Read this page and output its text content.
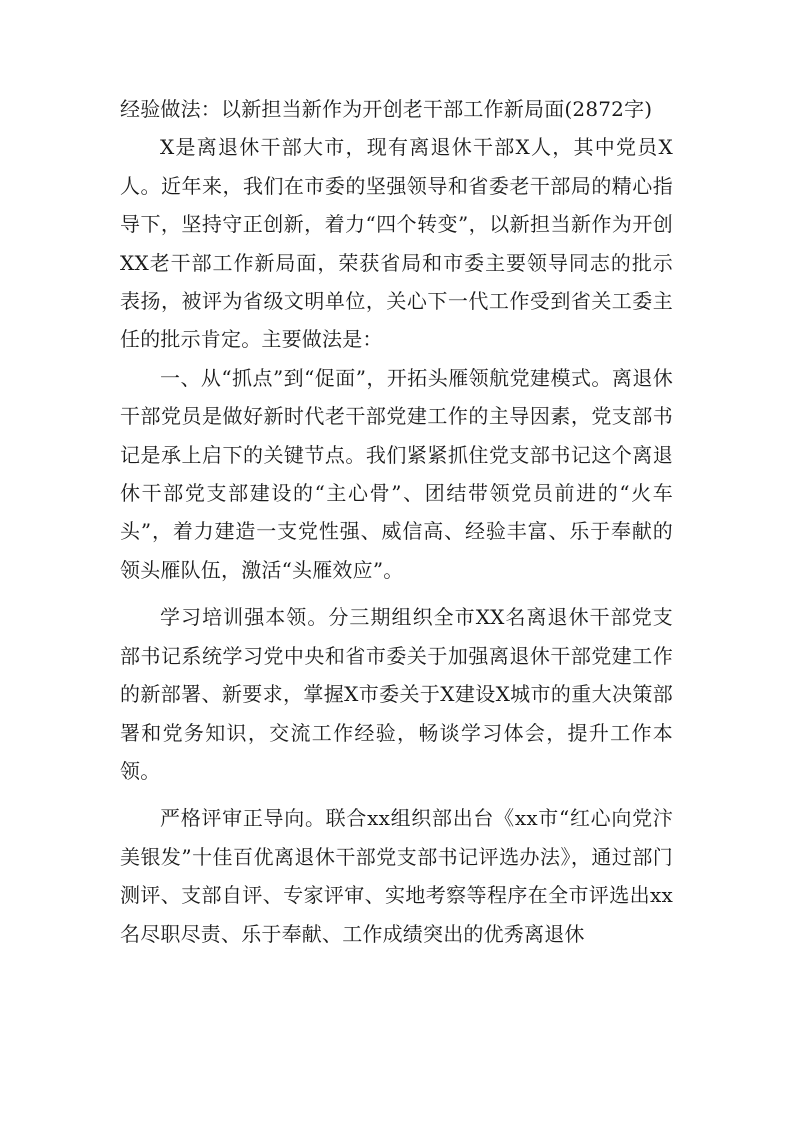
经验做法：以新担当新作为开创老干部工作新局面(2872字)

X是离退休干部大市，现有离退休干部X人，其中党员X人。近年来，我们在市委的坚强领导和省委老干部局的精心指导下，坚持守正创新，着力“四个转变”，以新担当新作为开创XX老干部工作新局面，荣获省局和市委主要领导同志的批示表扬，被评为省级文明单位，关心下一代工作受到省关工委主任的批示肯定。主要做法是：

一、从“抓点”到“促面”，开拓头雁领航党建模式。离退休干部党员是做好新时代老干部党建工作的主导因素，党支部书记是承上启下的关键节点。我们紧紧抓住党支部书记这个离退休干部党支部建设的“主心骨”、团结带领党员前进的“火车头”，着力建造一支党性强、威信高、经验丰富、乐于奉献的领头雁队伍，激活“头雁效应”。

学习培训强本领。分三期组织全市XX名离退休干部党支部书记系统学习党中央和省市委关于加强离退休干部党建工作的新部署、新要求，掌握X市委关于X建设X城市的重大决策部署和党务知识，交流工作经验，畅谈学习体会，提升工作本领。

严格评审正导向。联合xx组织部出台《xx市“红心向党汴美银发”十佳百优离退休干部党支部书记评选办法》，通过部门测评、支部自评、专家评审、实地考察等程序在全市评选出xx名尽职尽责、乐于奉献、工作成绩突出的优秀离退休
